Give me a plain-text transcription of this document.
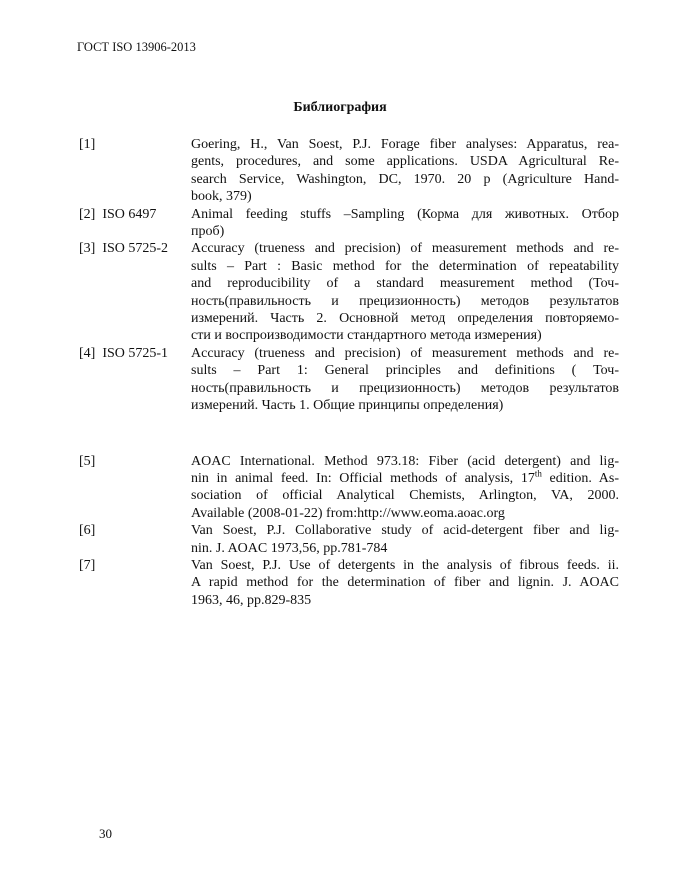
ГОСТ ISO 13906-2013
Библиография
[1]	Goering, H., Van Soest, P.J. Forage fiber analyses: Apparatus, rea-
gents, procedures, and some applications. USDA Agricultural Re-
search Service, Washington, DC, 1970. 20 p (Agriculture Hand-
book, 379)
[2]  ISO 6497	Animal feeding stuffs –Sampling (Корма для животных. Отбор
проб)
[3]  ISO 5725-2	Accuracy (trueness and precision) of measurement methods and re-
sults – Part : Basic method for the determination of repeatability
and reproducibility of a standard measurement method (Точ-
ность(правильность и прецизионность) методов результатов
измерений. Часть 2. Основной метод определения повторяемо-
сти и воспроизводимости стандартного метода измерения)
[4]  ISO 5725-1	Accuracy (trueness and precision) of measurement methods and re-
sults – Part 1: General principles and definitions ( Точ-
ность(правильность и прецизионность) методов результатов
измерений. Часть 1. Общие принципы определения)
[5]	AOAC International. Method 973.18: Fiber (acid detergent) and lig-
nin in animal feed. In: Official methods of analysis, 17th edition. As-
sociation of official Analytical Chemists, Arlington, VA, 2000.
Available (2008-01-22) from:http://www.eoma.aoac.org
[6]	Van Soest, P.J. Collaborative study of acid-detergent fiber and lig-
nin. J. AOAC 1973,56, pp.781-784
[7]	Van Soest, P.J. Use of detergents in the analysis of fibrous feeds. ii.
A rapid method for the determination of fiber and lignin. J. AOAC
1963, 46, pp.829-835
30
